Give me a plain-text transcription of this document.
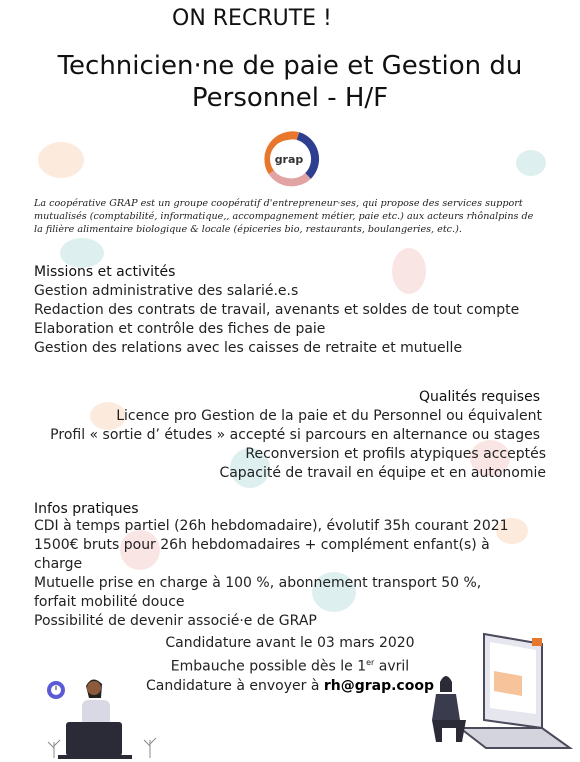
ON RECRUTE !
Technicien·ne de paie et Gestion du
Personnel - H/F
grap
La coopérative GRAP est un groupe coopératif d'entrepreneur·ses, qui propose des services support mutualisés (comptabilité, informatique,, accompagnement métier, paie etc.) aux acteurs rhônalpins de la filière alimentaire biologique & locale (épiceries bio, restaurants, boulangeries, etc.).
Missions et activités
Gestion administrative des salarié.e.s
Redaction des contrats de travail, avenants et soldes de tout compte
Elaboration et contrôle des fiches de paie
Gestion des relations avec les caisses de retraite et mutuelle
Qualités requises
Licence pro Gestion de la paie et du Personnel ou équivalent
Profil « sortie d’ études » accepté si parcours en alternance ou stages
Reconversion et profils atypiques acceptés
Capacité de travail en équipe et en autonomie
Infos pratiques
CDI à temps partiel (26h hebdomadaire), évolutif 35h courant 2021
1500€ bruts pour 26h hebdomadaires + complément enfant(s) à charge
Mutuelle prise en charge à 100 %, abonnement transport 50 %, forfait mobilité douce
Possibilité de devenir associé·e de GRAP
Candidature avant le 03 mars 2020
Embauche possible dès le 1er avril
Candidature à envoyer à rh@grap.coop
